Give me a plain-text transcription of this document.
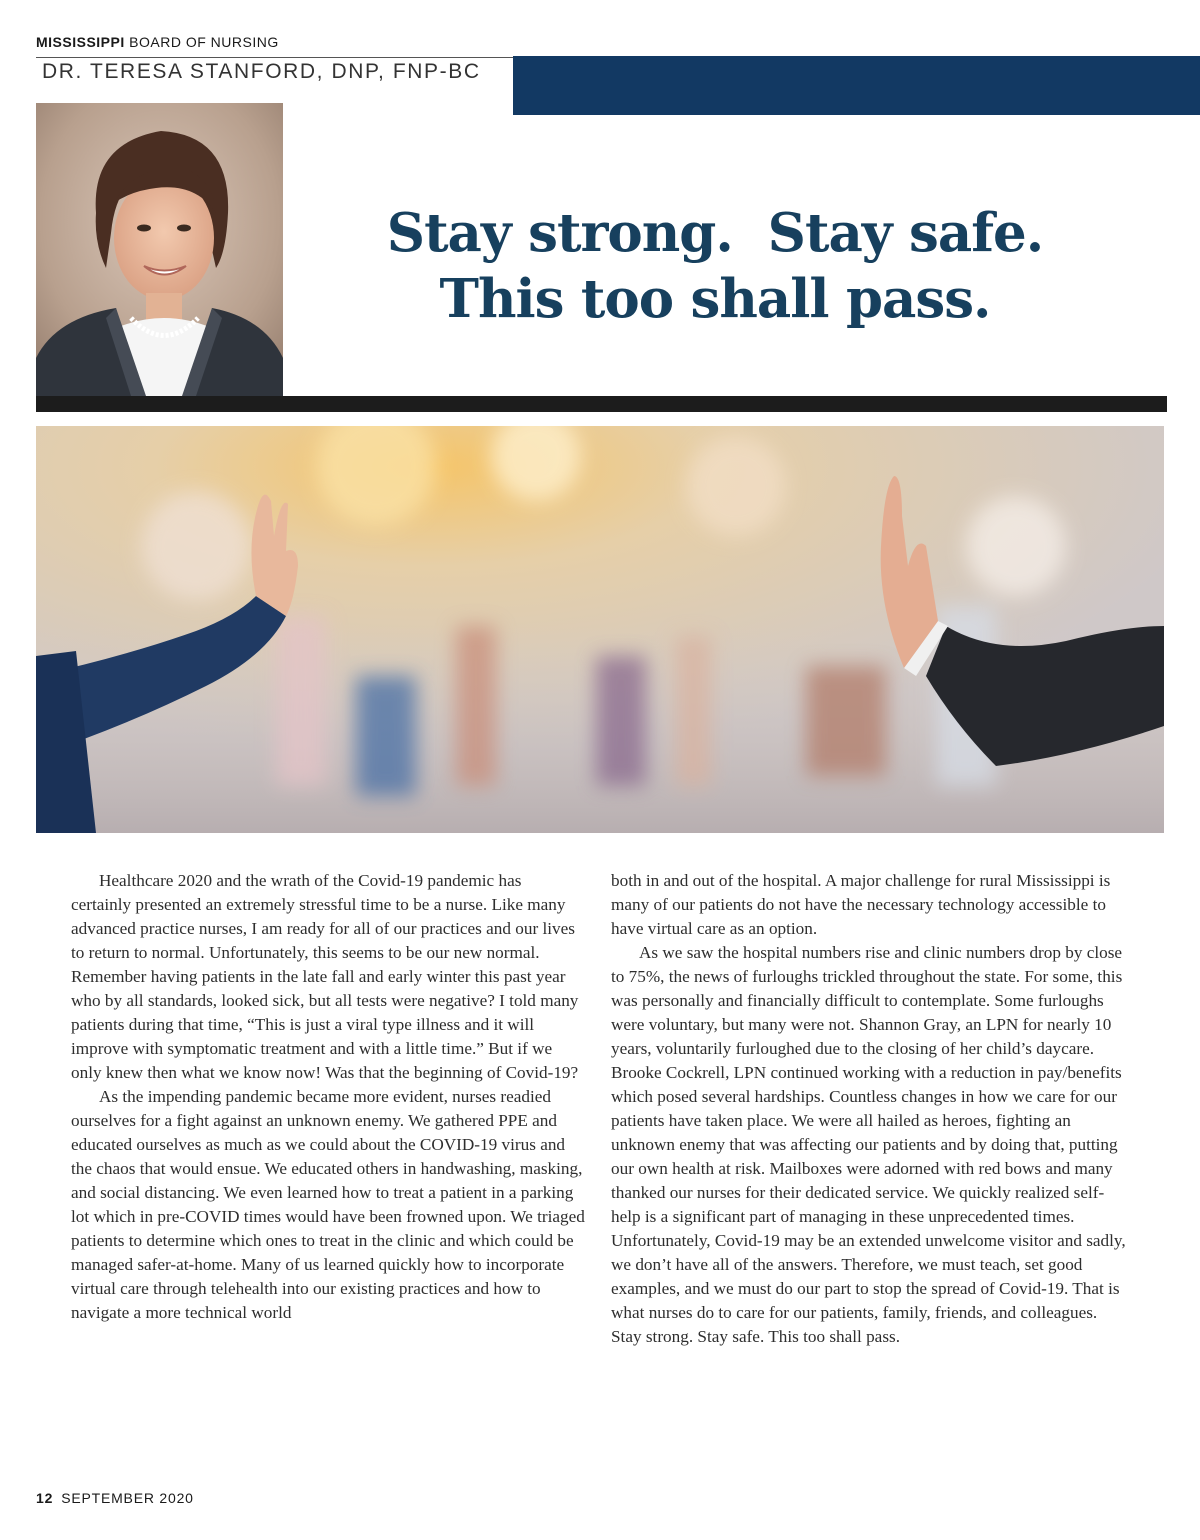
MISSISSIPPI BOARD OF NURSING
DR. TERESA STANFORD, DNP, FNP-BC
Stay strong.  Stay safe.
This too shall pass.

Healthcare 2020 and the wrath of the Covid-19 pandemic has certainly presented an extremely stressful time to be a nurse. Like many advanced practice nurses, I am ready for all of our practices and our lives to return to normal. Unfortunately, this seems to be our new normal. Remember having patients in the late fall and early winter this past year who by all standards, looked sick, but all tests were negative? I told many patients during that time, “This is just a viral type illness and it will improve with symptomatic treatment and with a little time.” But if we only knew then what we know now! Was that the beginning of Covid-19?

As the impending pandemic became more evident, nurses readied ourselves for a fight against an unknown enemy. We gathered PPE and educated ourselves as much as we could about the COVID-19 virus and the chaos that would ensue. We educated others in handwashing, masking, and social distancing. We even learned how to treat a patient in a parking lot which in pre-COVID times would have been frowned upon. We triaged patients to determine which ones to treat in the clinic and which could be managed safer-at-home. Many of us learned quickly how to incorporate virtual care through telehealth into our existing practices and how to navigate a more technical world

both in and out of the hospital. A major challenge for rural Mississippi is many of our patients do not have the necessary technology accessible to have virtual care as an option.

As we saw the hospital numbers rise and clinic numbers drop by close to 75%, the news of furloughs trickled throughout the state. For some, this was personally and financially difficult to contemplate. Some furloughs were voluntary, but many were not. Shannon Gray, an LPN for nearly 10 years, voluntarily furloughed due to the closing of her child’s daycare. Brooke Cockrell, LPN continued working with a reduction in pay/benefits which posed several hardships. Countless changes in how we care for our patients have taken place. We were all hailed as heroes, fighting an unknown enemy that was affecting our patients and by doing that, putting our own health at risk. Mailboxes were adorned with red bows and many thanked our nurses for their dedicated service. We quickly realized self-help is a significant part of managing in these unprecedented times. Unfortunately, Covid-19 may be an extended unwelcome visitor and sadly, we don’t have all of the answers. Therefore, we must teach, set good examples, and we must do our part to stop the spread of Covid-19. That is what nurses do to care for our patients, family, friends, and colleagues. Stay strong. Stay safe. This too shall pass.

12 SEPTEMBER 2020
